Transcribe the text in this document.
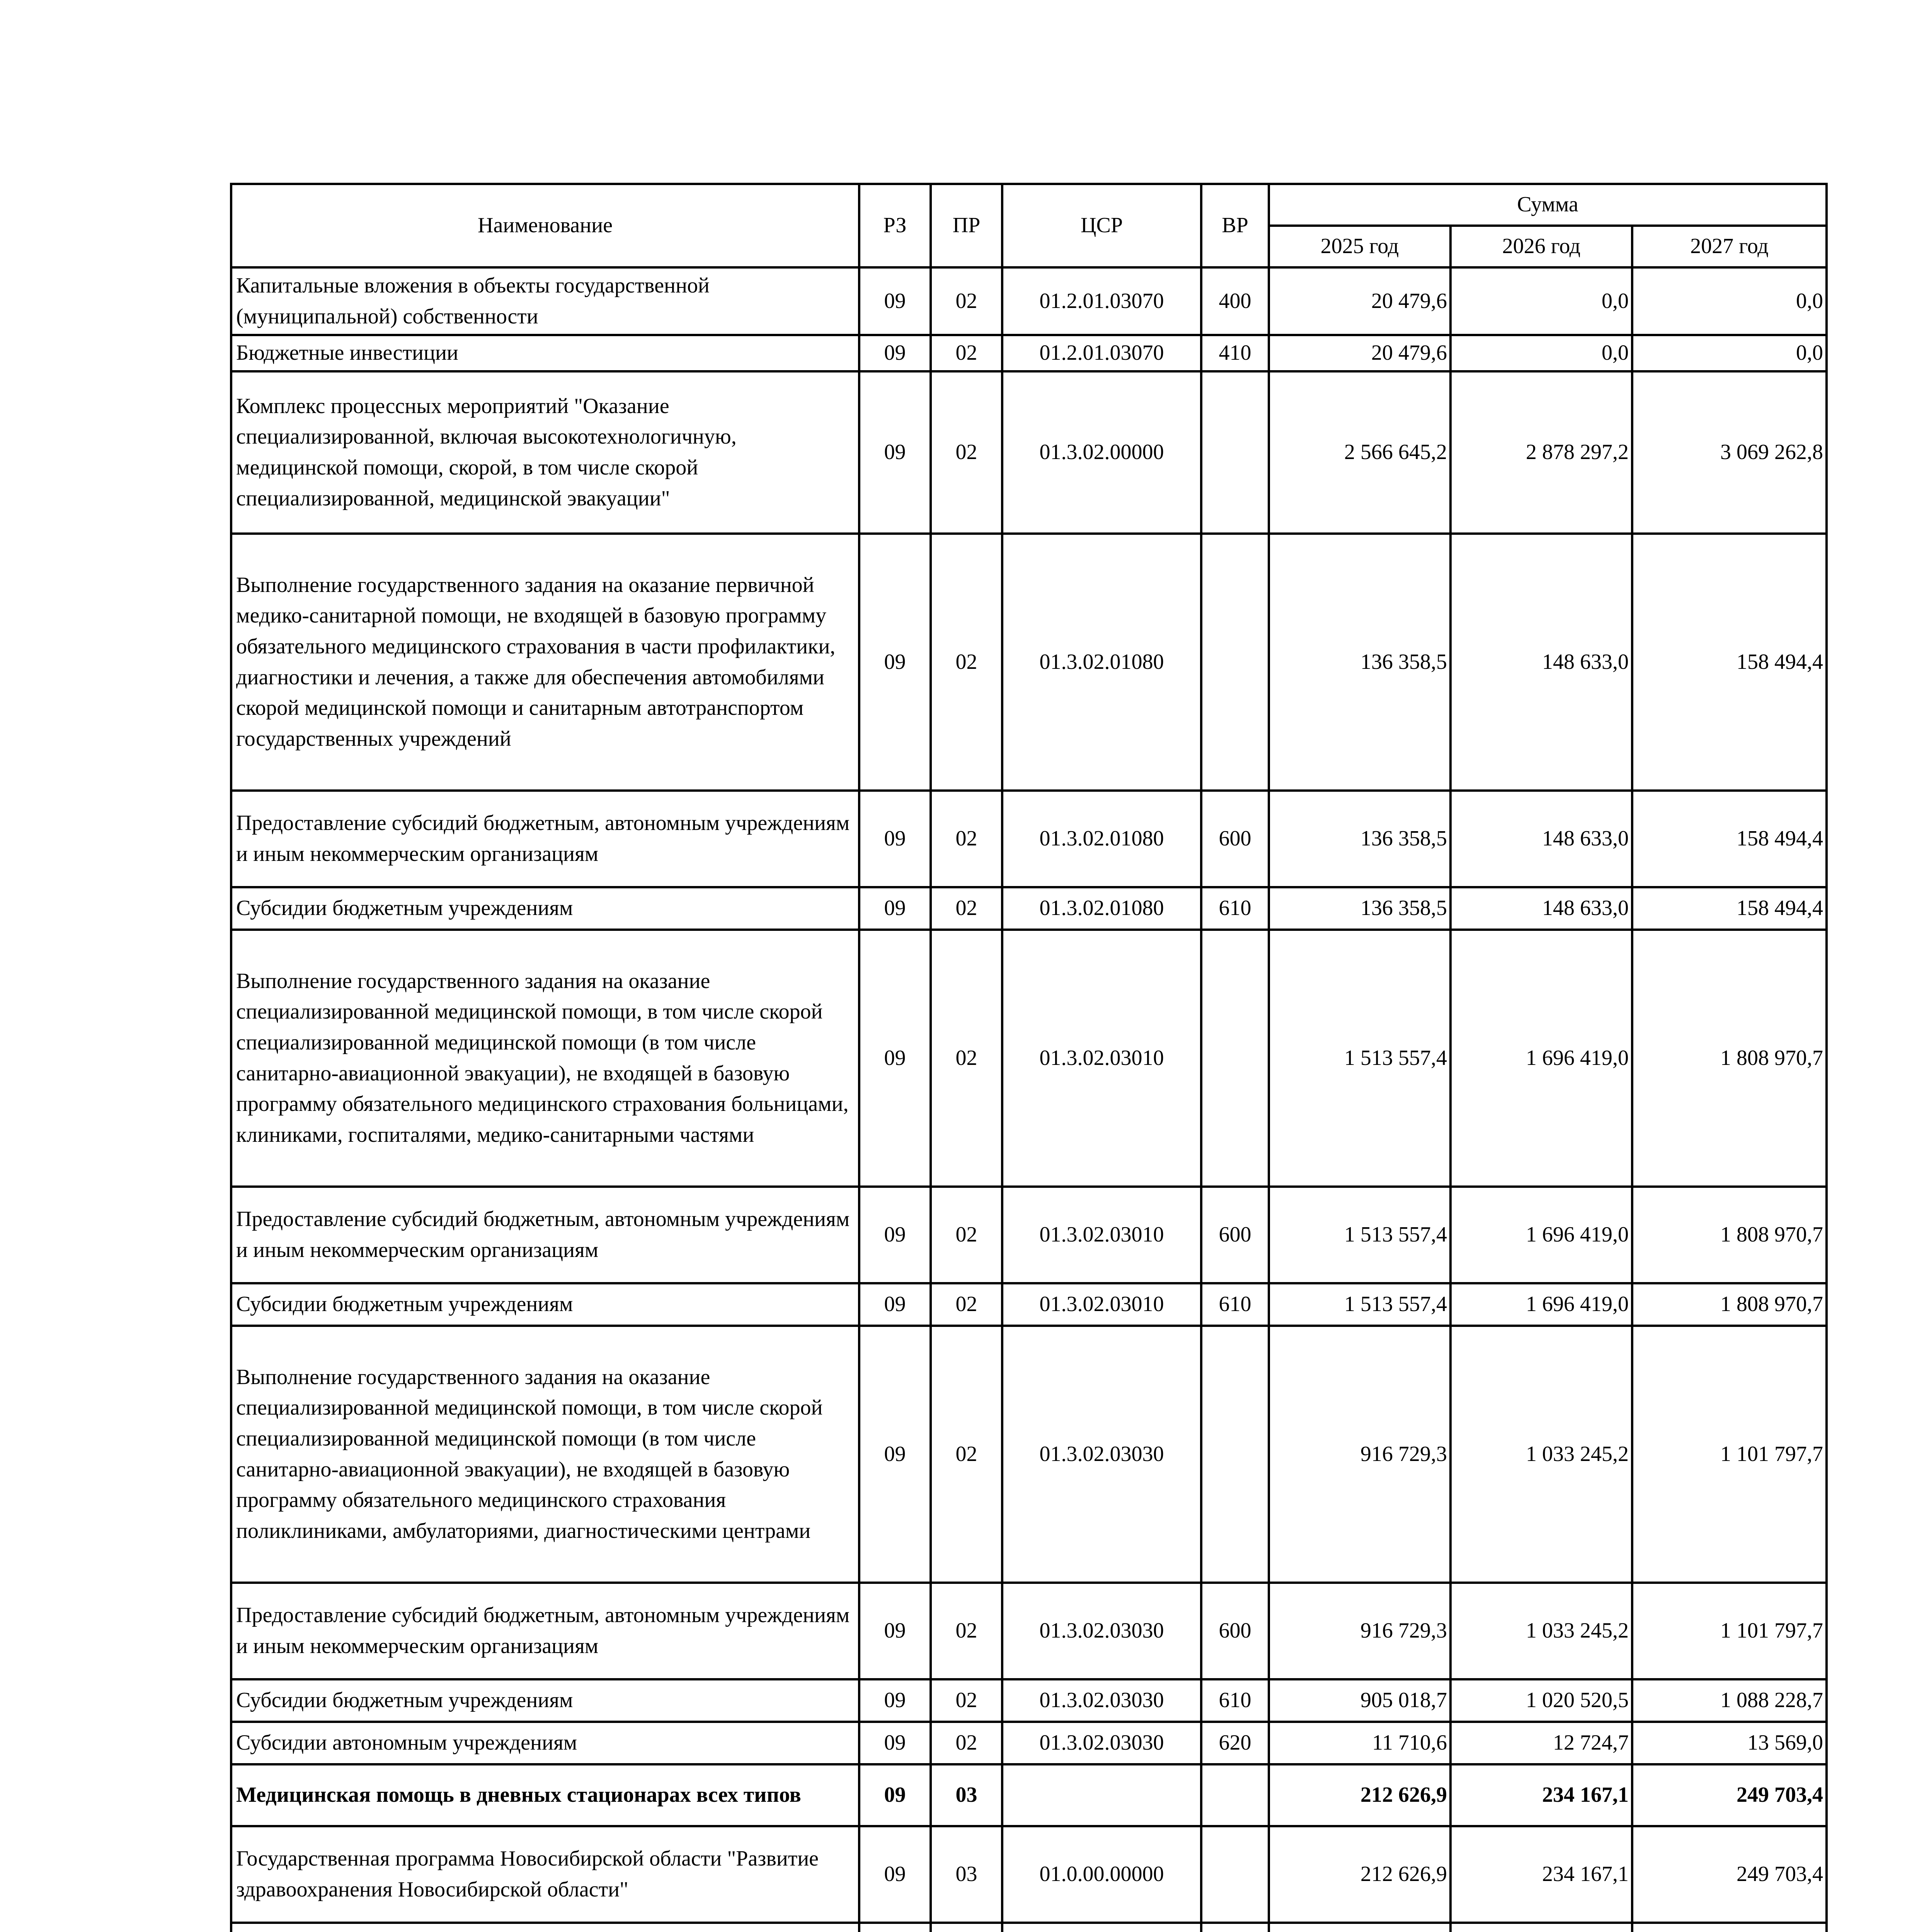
Наименование	РЗ	ПР	ЦСР	ВР	Сумма		
					2025 год	2026 год	2027 год
Капитальные вложения в объекты государственной (муниципальной) собственности	09	02	01.2.01.03070	400	20 479,6	0,0	0,0
Бюджетные инвестиции	09	02	01.2.01.03070	410	20 479,6	0,0	0,0
Комплекс процессных мероприятий "Оказание специализированной, включая высокотехнологичную, медицинской помощи, скорой, в том числе скорой специализированной, медицинской эвакуации"	09	02	01.3.02.00000		2 566 645,2	2 878 297,2	3 069 262,8
Выполнение государственного задания на оказание первичной медико-санитарной помощи, не входящей в базовую программу обязательного медицинского страхования в части профилактики, диагностики и лечения, а также для обеспечения автомобилями скорой медицинской помощи и санитарным автотранспортом государственных учреждений	09	02	01.3.02.01080		136 358,5	148 633,0	158 494,4
Предоставление субсидий бюджетным, автономным учреждениям и иным некоммерческим организациям	09	02	01.3.02.01080	600	136 358,5	148 633,0	158 494,4
Субсидии бюджетным учреждениям	09	02	01.3.02.01080	610	136 358,5	148 633,0	158 494,4
Выполнение государственного задания на оказание специализированной медицинской помощи, в том числе скорой специализированной медицинской помощи (в том числе санитарно-авиационной эвакуации), не входящей в базовую программу обязательного медицинского страхования больницами, клиниками, госпиталями, медико-санитарными частями	09	02	01.3.02.03010		1 513 557,4	1 696 419,0	1 808 970,7
Предоставление субсидий бюджетным, автономным учреждениям и иным некоммерческим организациям	09	02	01.3.02.03010	600	1 513 557,4	1 696 419,0	1 808 970,7
Субсидии бюджетным учреждениям	09	02	01.3.02.03010	610	1 513 557,4	1 696 419,0	1 808 970,7
Выполнение государственного задания на оказание специализированной медицинской помощи, в том числе скорой специализированной медицинской помощи (в том числе санитарно-авиационной эвакуации), не входящей в базовую программу обязательного медицинского страхования поликлиниками, амбулаториями, диагностическими центрами	09	02	01.3.02.03030		916 729,3	1 033 245,2	1 101 797,7
Предоставление субсидий бюджетным, автономным учреждениям и иным некоммерческим организациям	09	02	01.3.02.03030	600	916 729,3	1 033 245,2	1 101 797,7
Субсидии бюджетным учреждениям	09	02	01.3.02.03030	610	905 018,7	1 020 520,5	1 088 228,7
Субсидии автономным учреждениям	09	02	01.3.02.03030	620	11 710,6	12 724,7	13 569,0
Медицинская помощь в дневных стационарах всех типов	09	03			212 626,9	234 167,1	249 703,4
Государственная программа Новосибирской области "Развитие здравоохранения Новосибирской области"	09	03	01.0.00.00000		212 626,9	234 167,1	249 703,4
